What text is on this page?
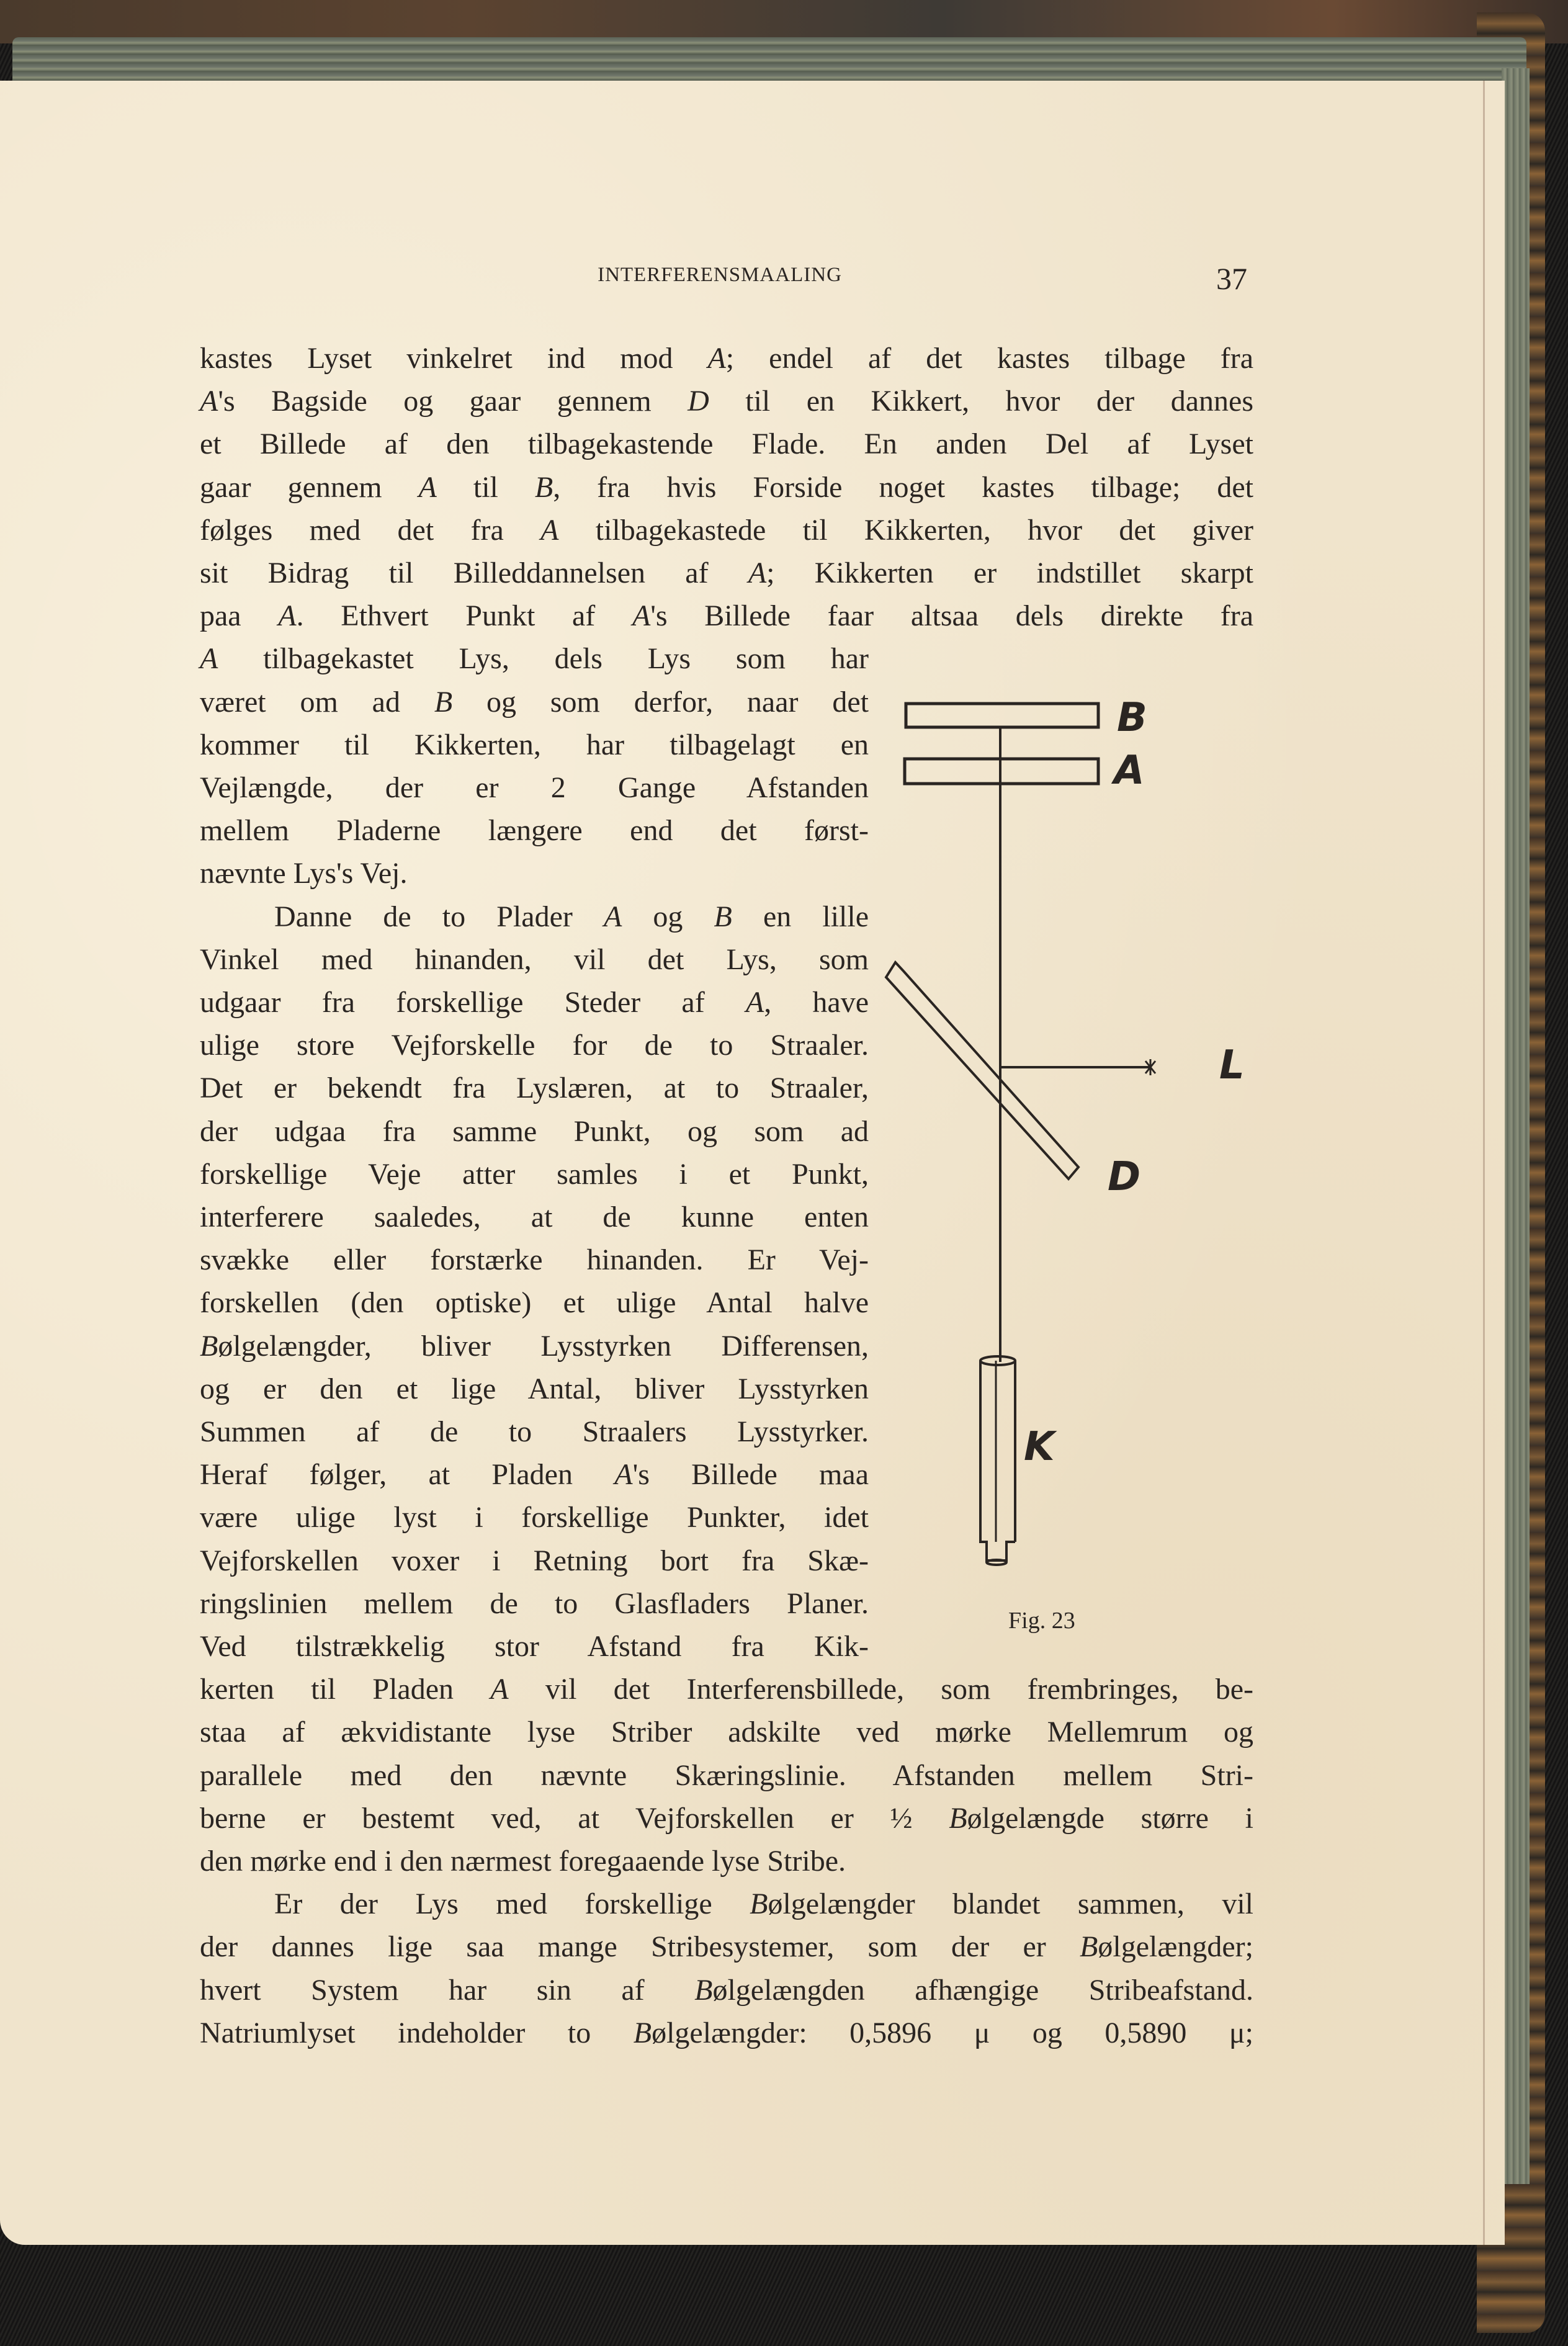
INTERFERENSMAALING	37
kastes Lyset vinkelret ind mod A; endel af det kastes tilbage fra
A's Bagside og gaar gennem D til en Kikkert, hvor der dannes
et Billede af den tilbagekastende Flade. En anden Del af Lyset
gaar gennem A til B, fra hvis Forside noget kastes tilbage; det
følges med det fra A tilbagekastede til Kikkerten, hvor det giver
sit Bidrag til Billeddannelsen af A; Kikkerten er indstillet skarpt
paa A. Ethvert Punkt af A's Billede faar altsaa dels direkte fra
A tilbagekastet Lys, dels Lys som har
været om ad B og som derfor, naar det
kommer til Kikkerten, har tilbagelagt en
Vejlængde, der er 2 Gange Afstanden
mellem Pladerne længere end det først-
nævnte Lys's Vej.
Danne de to Plader A og B en lille
Vinkel med hinanden, vil det Lys, som
udgaar fra forskellige Steder af A, have
ulige store Vejforskelle for de to Straaler.
Det er bekendt fra Lyslæren, at to Straaler,
der udgaa fra samme Punkt, og som ad
forskellige Veje atter samles i et Punkt,
interferere saaledes, at de kunne enten
svække eller forstærke hinanden. Er Vej-
forskellen (den optiske) et ulige Antal halve
Bølgelængder, bliver Lysstyrken Differensen,
og er den et lige Antal, bliver Lysstyrken
Summen af de to Straalers Lysstyrker.
Heraf følger, at Pladen A's Billede maa
være ulige lyst i forskellige Punkter, idet
Vejforskellen voxer i Retning bort fra Skæ-
ringslinien mellem de to Glasfladers Planer.
Ved tilstrækkelig stor Afstand fra Kik-
kerten til Pladen A vil det Interferensbillede, som frembringes, be-
staa af ækvidistante lyse Striber adskilte ved mørke Mellemrum og
parallele med den nævnte Skæringslinie. Afstanden mellem Stri-
berne er bestemt ved, at Vejforskellen er ½ Bølgelængde større i
den mørke end i den nærmest foregaaende lyse Stribe.
Er der Lys med forskellige Bølgelængder blandet sammen, vil
der dannes lige saa mange Stribesystemer, som der er Bølgelængder;
hvert System har sin af Bølgelængden afhængige Stribeafstand.
Natriumlyset indeholder to Bølgelængder: 0,5896 μ og 0,5890 μ;
B
A
L
D
K
Fig. 23
